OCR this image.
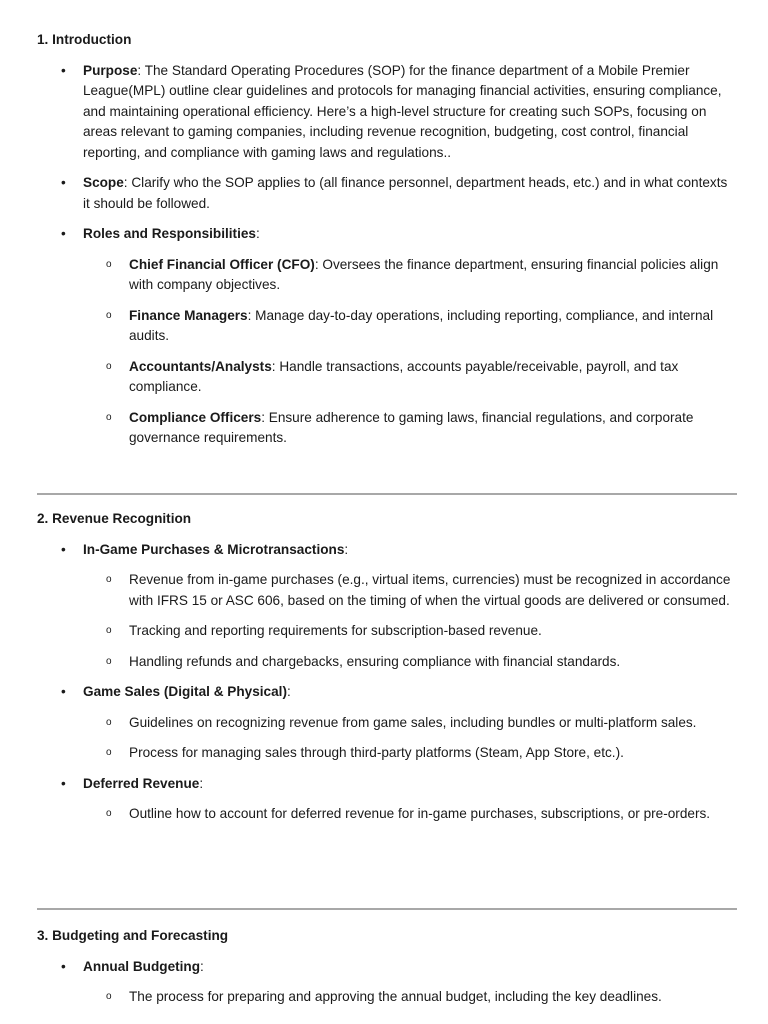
1. Introduction

• Purpose: The Standard Operating Procedures (SOP) for the finance department of a Mobile Premier League(MPL) outline clear guidelines and protocols for managing financial activities, ensuring compliance, and maintaining operational efficiency. Here’s a high-level structure for creating such SOPs, focusing on areas relevant to gaming companies, including revenue recognition, budgeting, cost control, financial reporting, and compliance with gaming laws and regulations..
• Scope: Clarify who the SOP applies to (all finance personnel, department heads, etc.) and in what contexts it should be followed.
• Roles and Responsibilities:
o Chief Financial Officer (CFO): Oversees the finance department, ensuring financial policies align with company objectives.
o Finance Managers: Manage day-to-day operations, including reporting, compliance, and internal audits.
o Accountants/Analysts: Handle transactions, accounts payable/receivable, payroll, and tax compliance.
o Compliance Officers: Ensure adherence to gaming laws, financial regulations, and corporate governance requirements.

2. Revenue Recognition

• In-Game Purchases & Microtransactions:
o Revenue from in-game purchases (e.g., virtual items, currencies) must be recognized in accordance with IFRS 15 or ASC 606, based on the timing of when the virtual goods are delivered or consumed.
o Tracking and reporting requirements for subscription-based revenue.
o Handling refunds and chargebacks, ensuring compliance with financial standards.
• Game Sales (Digital & Physical):
o Guidelines on recognizing revenue from game sales, including bundles or multi-platform sales.
o Process for managing sales through third-party platforms (Steam, App Store, etc.).
• Deferred Revenue:
o Outline how to account for deferred revenue for in-game purchases, subscriptions, or pre-orders.

3. Budgeting and Forecasting

• Annual Budgeting:
o The process for preparing and approving the annual budget, including the key deadlines.
